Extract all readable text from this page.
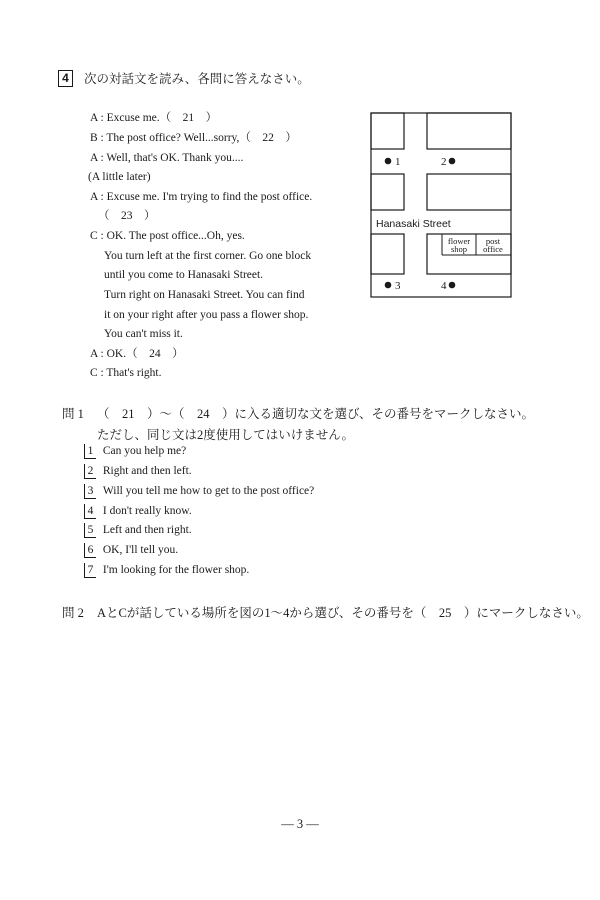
4	次の対話文を読み、各問に答えなさい。
A : Excuse me.（　21　）
B : The post office? Well...sorry,（　22　）
A : Well, that's OK. Thank you....
(A little later)
A : Excuse me. I'm trying to find the post office.
（　23　）
C : OK. The post office...Oh, yes.
You turn left at the first corner. Go one block
until you come to Hanasaki Street.
Turn right on Hanasaki Street. You can find
it on your right after you pass a flower shop.
You can't miss it.
A : OK.（　24　）
C : That's right.
Hanasaki Street
flower
shop
post
office
1	2
3	4
問 1 （　21　）〜（　24　）に入る適切な文を選び、その番号をマークしなさい。
ただし、同じ文は2度使用してはいけません。
1 Can you help me?
2 Right and then left.
3 Will you tell me how to get to the post office?
4 I don't really know.
5 Left and then right.
6 OK, I'll tell you.
7 I'm looking for the flower shop.
問 2 AとCが話している場所を図の1〜4から選び、その番号を（　25　）にマークしなさい。
— 3 —
